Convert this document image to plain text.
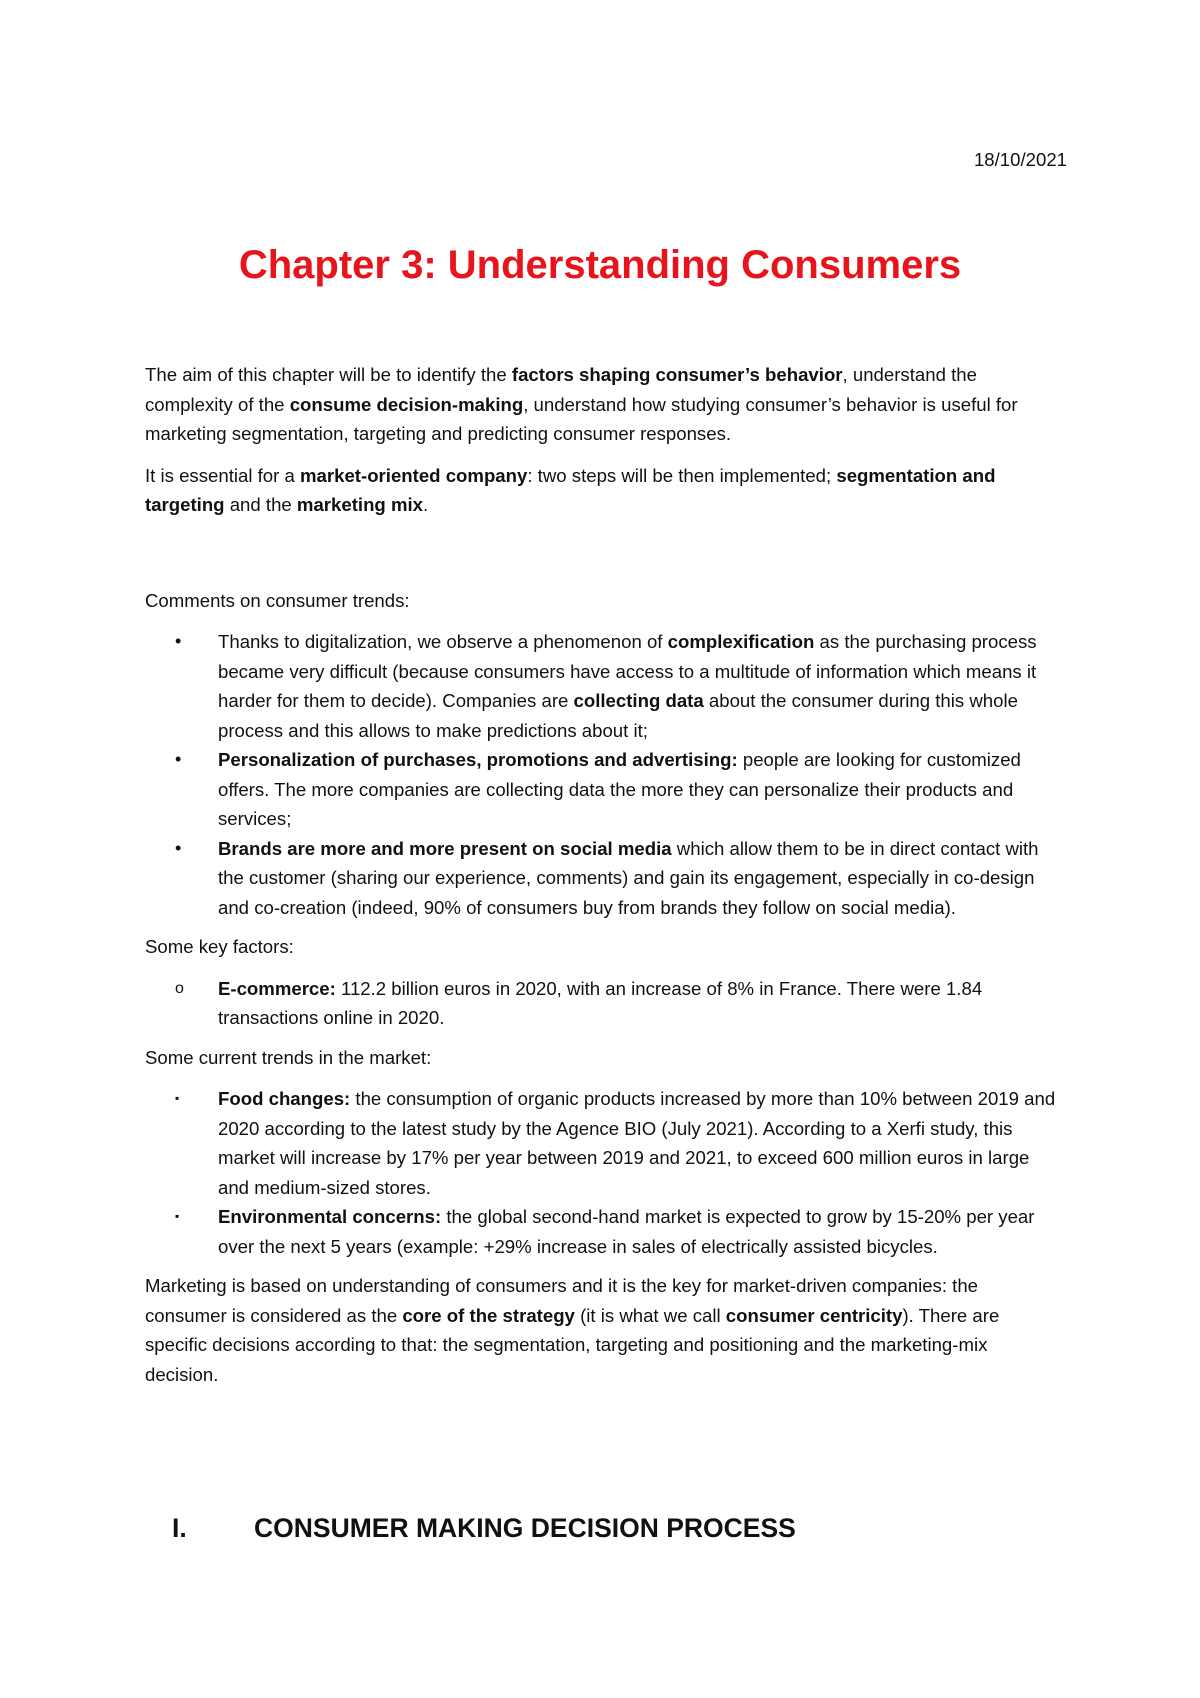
18/10/2021
Chapter 3: Understanding Consumers

The aim of this chapter will be to identify the factors shaping consumer’s behavior, understand the complexity of the consume decision-making, understand how studying consumer’s behavior is useful for marketing segmentation, targeting and predicting consumer responses.

It is essential for a market-oriented company: two steps will be then implemented; segmentation and targeting and the marketing mix.

Comments on consumer trends:

• Thanks to digitalization, we observe a phenomenon of complexification as the purchasing process became very difficult (because consumers have access to a multitude of information which means it harder for them to decide). Companies are collecting data about the consumer during this whole process and this allows to make predictions about it;
• Personalization of purchases, promotions and advertising: people are looking for customized offers. The more companies are collecting data the more they can personalize their products and services;
• Brands are more and more present on social media which allow them to be in direct contact with the customer (sharing our experience, comments) and gain its engagement, especially in co-design and co-creation (indeed, 90% of consumers buy from brands they follow on social media).

Some key factors:

o E-commerce: 112.2 billion euros in 2020, with an increase of 8% in France. There were 1.84 transactions online in 2020.

Some current trends in the market:

▪ Food changes: the consumption of organic products increased by more than 10% between 2019 and 2020 according to the latest study by the Agence BIO (July 2021). According to a Xerfi study, this market will increase by 17% per year between 2019 and 2021, to exceed 600 million euros in large and medium-sized stores.
▪ Environmental concerns: the global second-hand market is expected to grow by 15-20% per year over the next 5 years (example: +29% increase in sales of electrically assisted bicycles.

Marketing is based on understanding of consumers and it is the key for market-driven companies: the consumer is considered as the core of the strategy (it is what we call consumer centricity). There are specific decisions according to that: the segmentation, targeting and positioning and the marketing-mix decision.

I.	CONSUMER MAKING DECISION PROCESS
